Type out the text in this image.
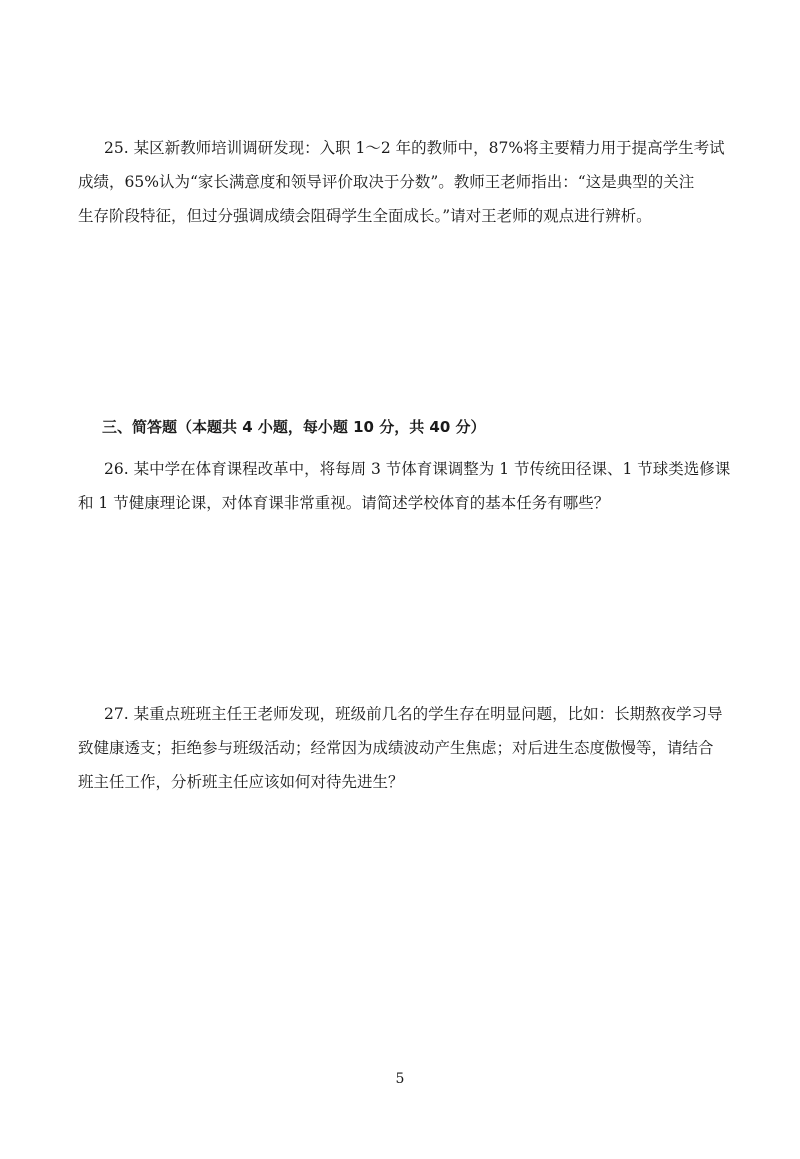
25. 某区新教师培训调研发现：入职 1～2 年的教师中，87%将主要精力用于提高学生考试
成绩，65%认为“家长满意度和领导评价取决于分数”。教师王老师指出：“这是典型的关注
生存阶段特征，但过分强调成绩会阻碍学生全面成长。”请对王老师的观点进行辨析。
三、简答题（本题共 4 小题，每小题 10 分，共 40 分）
26. 某中学在体育课程改革中，将每周 3 节体育课调整为 1 节传统田径课、1 节球类选修课
和 1 节健康理论课，对体育课非常重视。请简述学校体育的基本任务有哪些？
27. 某重点班班主任王老师发现，班级前几名的学生存在明显问题，比如：长期熬夜学习导
致健康透支；拒绝参与班级活动；经常因为成绩波动产生焦虑；对后进生态度傲慢等，请结合
班主任工作，分析班主任应该如何对待先进生？
5
